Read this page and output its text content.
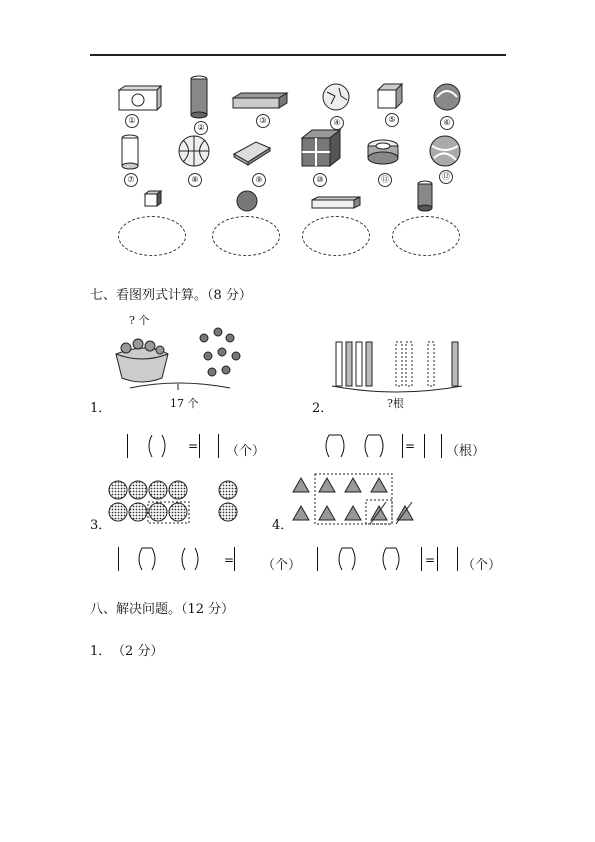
①
②
③	④	⑤	⑥
⑦	⑧	⑨	⑩	⑪	⑫
七、看图列式计算。（8 分）
? 个
1．	17 个	2．	?根
= （个）	= （根）
3．	4．
= （个）	= （个）
八、解决问题。（12 分）
1． （2 分）
